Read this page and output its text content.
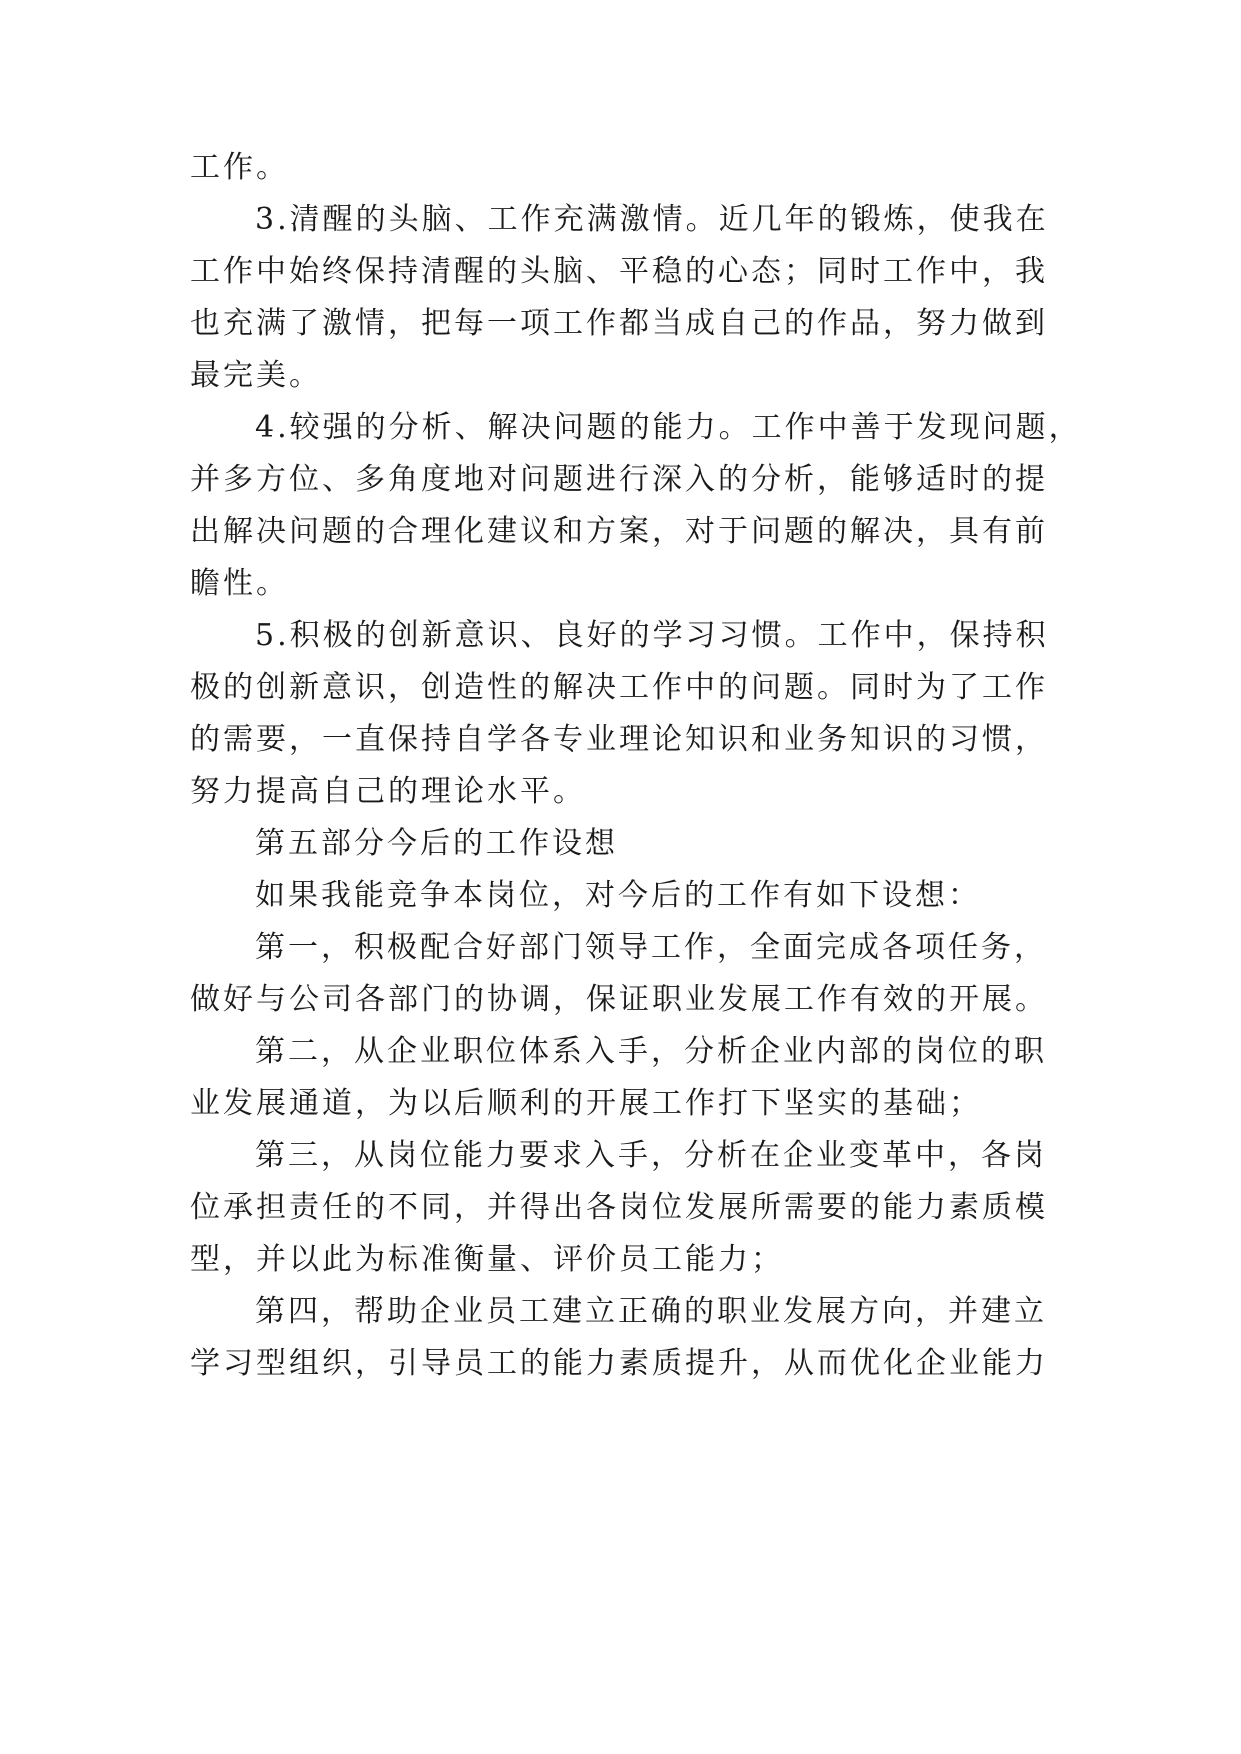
工作。
3.清醒的头脑、工作充满激情。近几年的锻炼，使我在
工作中始终保持清醒的头脑、平稳的心态；同时工作中，我
也充满了激情，把每一项工作都当成自己的作品，努力做到
最完美。
4.较强的分析、解决问题的能力。工作中善于发现问题，
并多方位、多角度地对问题进行深入的分析，能够适时的提
出解决问题的合理化建议和方案，对于问题的解决，具有前
瞻性。
5.积极的创新意识、良好的学习习惯。工作中，保持积
极的创新意识，创造性的解决工作中的问题。同时为了工作
的需要，一直保持自学各专业理论知识和业务知识的习惯，
努力提高自己的理论水平。
第五部分今后的工作设想
如果我能竞争本岗位，对今后的工作有如下设想：
第一，积极配合好部门领导工作，全面完成各项任务，
做好与公司各部门的协调，保证职业发展工作有效的开展。
第二，从企业职位体系入手，分析企业内部的岗位的职
业发展通道，为以后顺利的开展工作打下坚实的基础；
第三，从岗位能力要求入手，分析在企业变革中，各岗
位承担责任的不同，并得出各岗位发展所需要的能力素质模
型，并以此为标准衡量、评价员工能力；
第四，帮助企业员工建立正确的职业发展方向，并建立
学习型组织，引导员工的能力素质提升，从而优化企业能力
